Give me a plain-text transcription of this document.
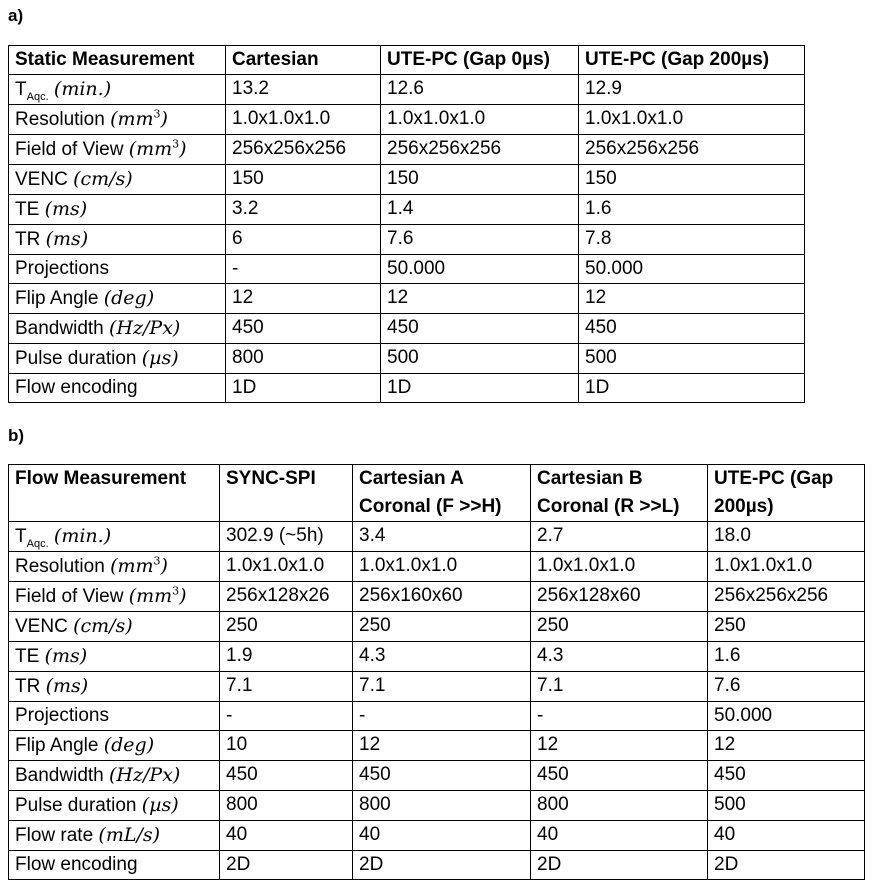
a)
Static Measurement	Cartesian	UTE-PC (Gap 0µs)	UTE-PC (Gap 200µs)
$T_{Aqc.}$ (min.)	13.2	12.6	12.9
Resolution $(mm^3)$	1.0x1.0x1.0	1.0x1.0x1.0	1.0x1.0x1.0
Field of View $(mm^3)$	256x256x256	256x256x256	256x256x256
VENC (cm/s)	150	150	150
TE (ms)	3.2	1.4	1.6
TR (ms)	6	7.6	7.8
Projections	-	50.000	50.000
Flip Angle (deg)	12	12	12
Bandwidth (Hz/Px)	450	450	450
Pulse duration (µs)	800	500	500
Flow encoding	1D	1D	1D
b)
Flow Measurement	SYNC-SPI	Cartesian A Coronal (F >>H)	Cartesian B Coronal (R >>L)	UTE-PC (Gap 200µs)
$T_{Aqc.}$ (min.)	302.9 (~5h)	3.4	2.7	18.0
Resolution $(mm^3)$	1.0x1.0x1.0	1.0x1.0x1.0	1.0x1.0x1.0	1.0x1.0x1.0
Field of View $(mm^3)$	256x128x26	256x160x60	256x128x60	256x256x256
VENC (cm/s)	250	250	250	250
TE (ms)	1.9	4.3	4.3	1.6
TR (ms)	7.1	7.1	7.1	7.6
Projections	-	-	-	50.000
Flip Angle (deg)	10	12	12	12
Bandwidth (Hz/Px)	450	450	450	450
Pulse duration (µs)	800	800	800	500
Flow rate (mL/s)	40	40	40	40
Flow encoding	2D	2D	2D	2D
